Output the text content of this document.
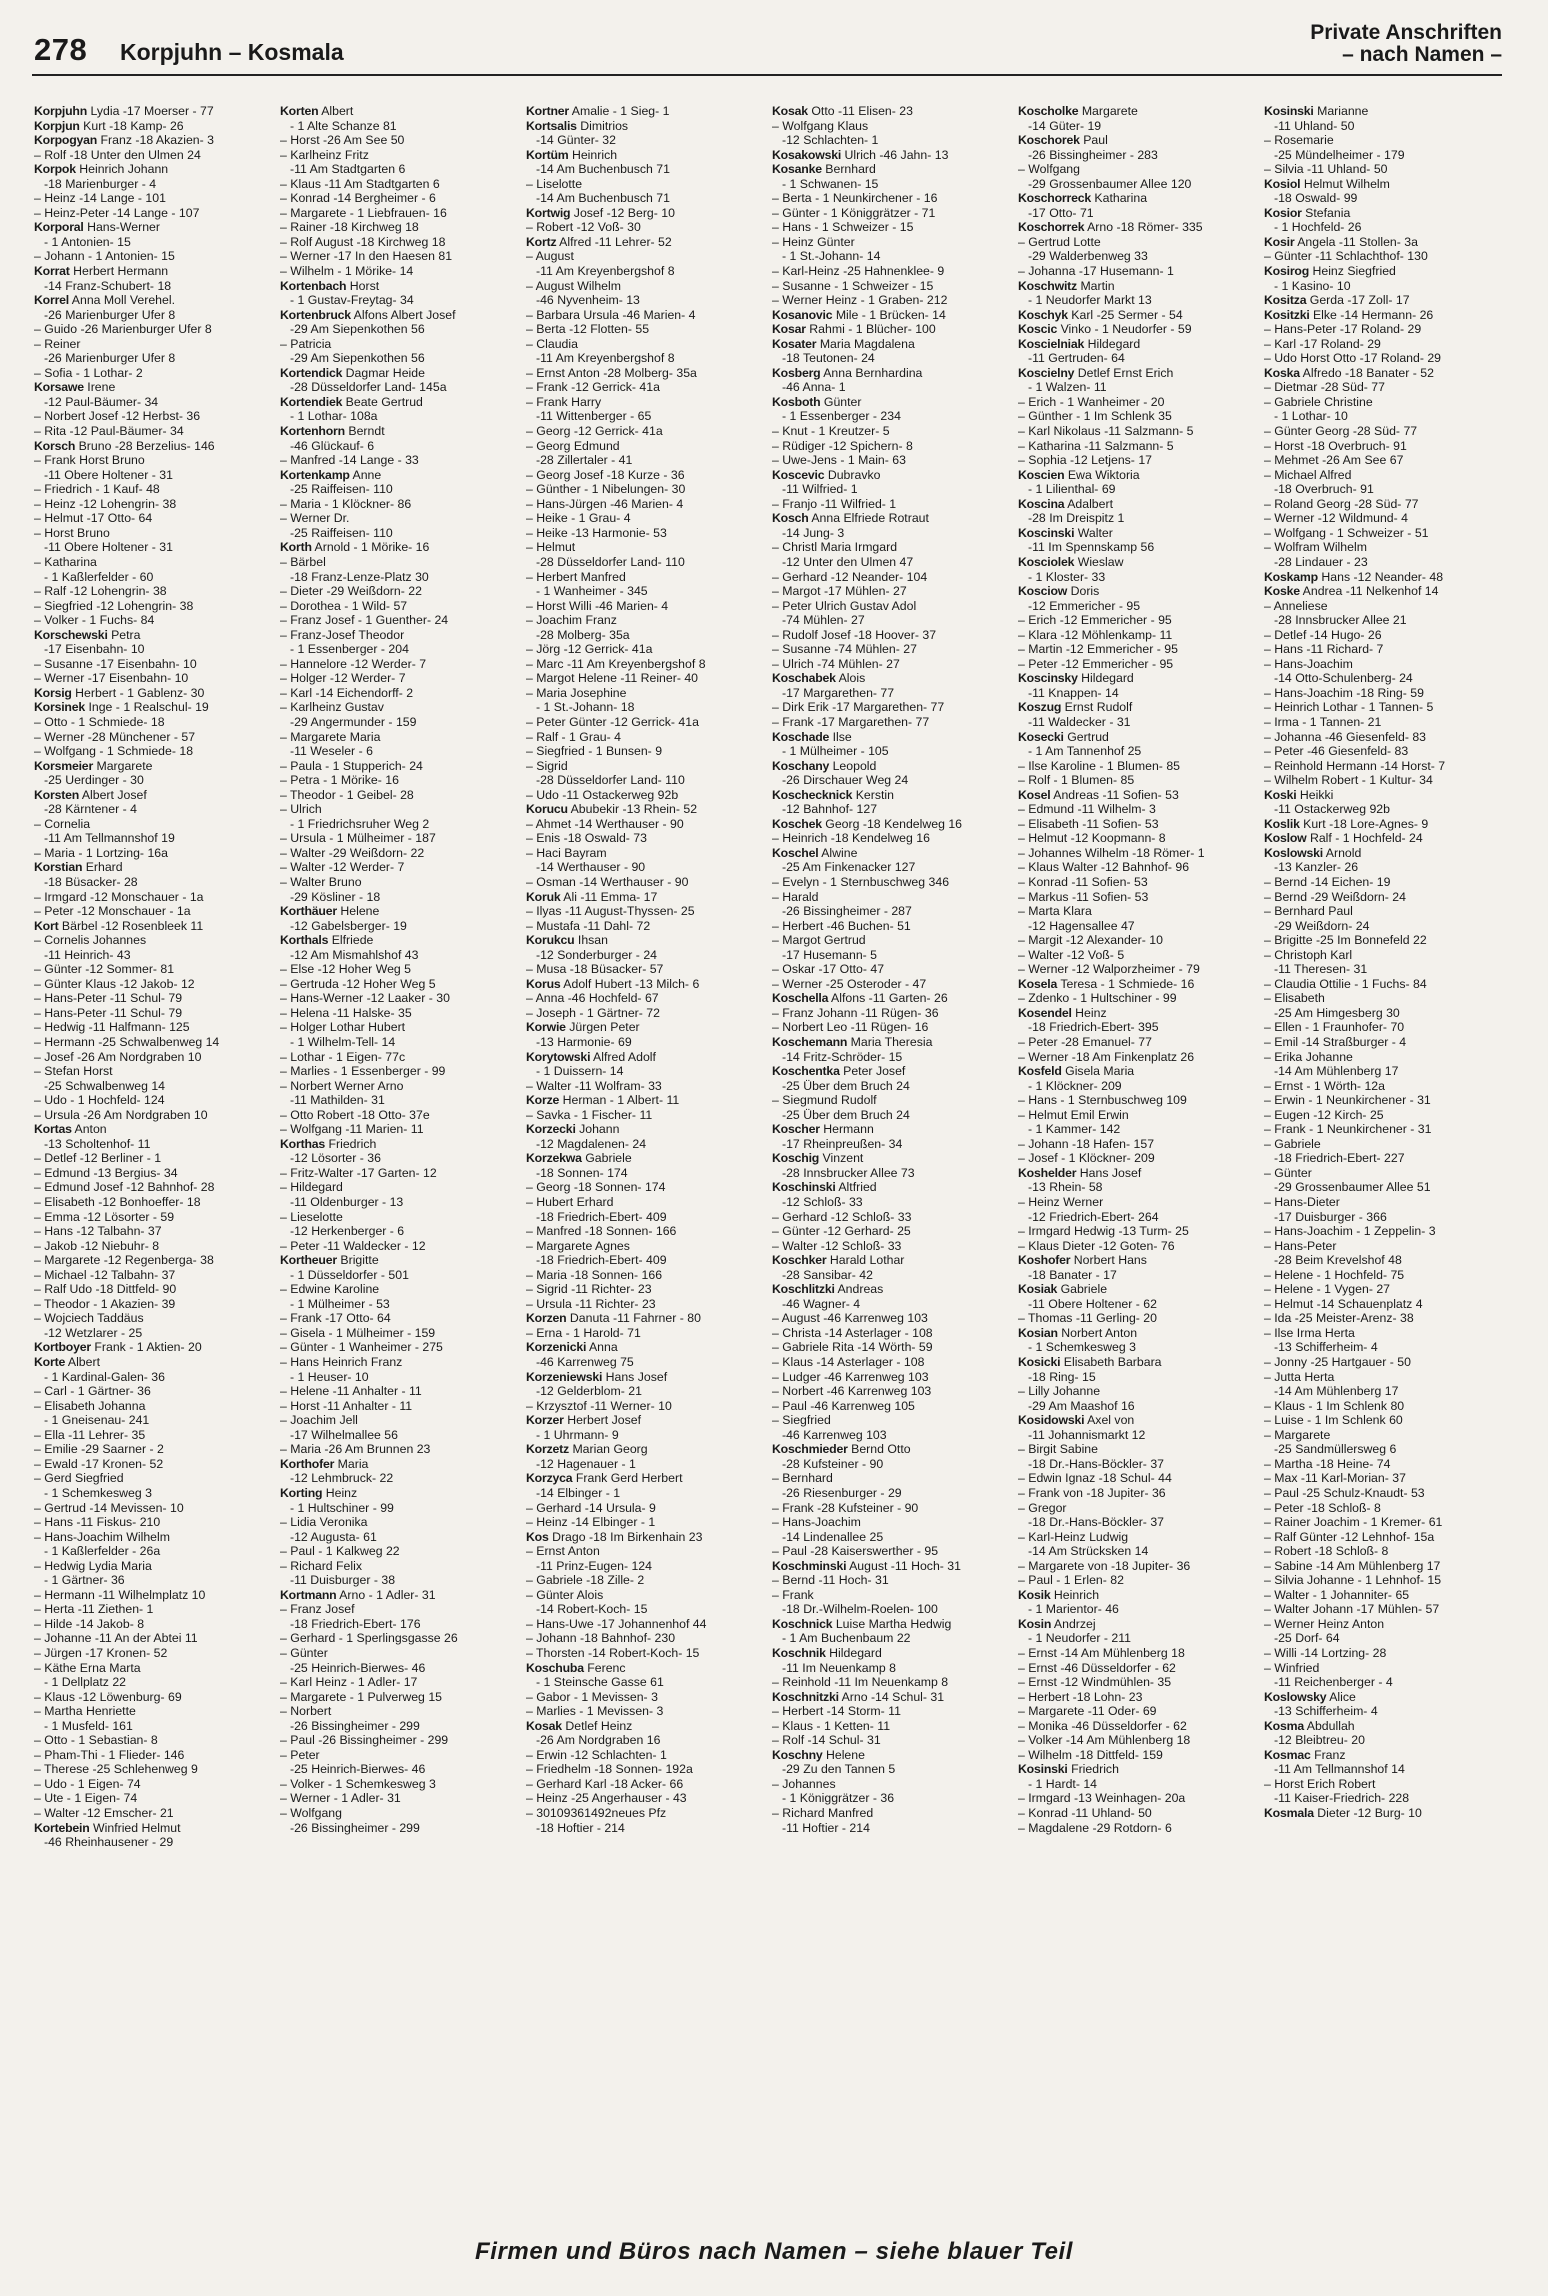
278 Korpjuhn – Kosmala
Private Anschriften
– nach Namen –
Korpjuhn Lydia -17 Moerser - 77
Korpjun Kurt -18 Kamp- 26
Korpogyan Franz -18 Akazien- 3
– Rolf -18 Unter den Ulmen 24
Korpok Heinrich Johann
-18 Marienburger - 4
– Heinz -14 Lange - 101
– Heinz-Peter -14 Lange - 107
Korporal Hans-Werner
- 1 Antonien- 15
– Johann - 1 Antonien- 15
Korrat Herbert Hermann
-14 Franz-Schubert- 18
Korrel Anna Moll Verehel.
-26 Marienburger Ufer 8
– Guido -26 Marienburger Ufer 8
– Reiner
-26 Marienburger Ufer 8
– Sofia - 1 Lothar- 2
Korsawe Irene
-12 Paul-Bäumer- 34
– Norbert Josef -12 Herbst- 36
– Rita -12 Paul-Bäumer- 34
Korsch Bruno -28 Berzelius- 146
– Frank Horst Bruno
-11 Obere Holtener - 31
– Friedrich - 1 Kauf- 48
– Heinz -12 Lohengrin- 38
– Helmut -17 Otto- 64
– Horst Bruno
-11 Obere Holtener - 31
– Katharina
- 1 Kaßlerfelder - 60
– Ralf -12 Lohengrin- 38
– Siegfried -12 Lohengrin- 38
– Volker - 1 Fuchs- 84
Korschewski Petra
-17 Eisenbahn- 10
– Susanne -17 Eisenbahn- 10
– Werner -17 Eisenbahn- 10
Korsig Herbert - 1 Gablenz- 30
Korsinek Inge - 1 Realschul- 19
– Otto - 1 Schmiede- 18
– Werner -28 Münchener - 57
– Wolfgang - 1 Schmiede- 18
Korsmeier Margarete
-25 Uerdinger - 30
Korsten Albert Josef
-28 Kärntener - 4
– Cornelia
-11 Am Tellmannshof 19
– Maria - 1 Lortzing- 16a
Korstian Erhard
-18 Büsacker- 28
– Irmgard -12 Monschauer - 1a
– Peter -12 Monschauer - 1a
Kort Bärbel -12 Rosenbleek 11
– Cornelis Johannes
-11 Heinrich- 43
– Günter -12 Sommer- 81
– Günter Klaus -12 Jakob- 12
– Hans-Peter -11 Schul- 79
– Hans-Peter -11 Schul- 79
– Hedwig -11 Halfmann- 125
– Hermann -25 Schwalbenweg 14
– Josef -26 Am Nordgraben 10
– Stefan Horst
-25 Schwalbenweg 14
– Udo - 1 Hochfeld- 124
– Ursula -26 Am Nordgraben 10
Kortas Anton
-13 Scholtenhof- 11
– Detlef -12 Berliner - 1
– Edmund -13 Bergius- 34
– Edmund Josef -12 Bahnhof- 28
– Elisabeth -12 Bonhoeffer- 18
– Emma -12 Lösorter - 59
– Hans -12 Talbahn- 37
– Jakob -12 Niebuhr- 8
– Margarete -12 Regenberga- 38
– Michael -12 Talbahn- 37
– Ralf Udo -18 Dittfeld- 90
– Theodor - 1 Akazien- 39
– Wojciech Taddäus
-12 Wetzlarer - 25
Kortboyer Frank - 1 Aktien- 20
Korte Albert
- 1 Kardinal-Galen- 36
– Carl - 1 Gärtner- 36
– Elisabeth Johanna
- 1 Gneisenau- 241
– Ella -11 Lehrer- 35
– Emilie -29 Saarner - 2
– Ewald -17 Kronen- 52
– Gerd Siegfried
- 1 Schemkesweg 3
– Gertrud -14 Mevissen- 10
– Hans -11 Fiskus- 210
– Hans-Joachim Wilhelm
- 1 Kaßlerfelder - 26a
– Hedwig Lydia Maria
- 1 Gärtner- 36
– Hermann -11 Wilhelmplatz 10
– Herta -11 Ziethen- 1
– Hilde -14 Jakob- 8
– Johanne -11 An der Abtei 11
– Jürgen -17 Kronen- 52
– Käthe Erna Marta
- 1 Dellplatz 22
– Klaus -12 Löwenburg- 69
– Martha Henriette
- 1 Musfeld- 161
– Otto - 1 Sebastian- 8
– Pham-Thi - 1 Flieder- 146
– Therese -25 Schlehenweg 9
– Udo - 1 Eigen- 74
– Ute - 1 Eigen- 74
– Walter -12 Emscher- 21
Kortebein Winfried Helmut
-46 Rheinhausener - 29
Korten Albert
- 1 Alte Schanze 81
– Horst -26 Am See 50
– Karlheinz Fritz
-11 Am Stadtgarten 6
– Klaus -11 Am Stadtgarten 6
– Konrad -14 Bergheimer - 6
– Margarete - 1 Liebfrauen- 16
– Rainer -18 Kirchweg 18
– Rolf August -18 Kirchweg 18
– Werner -17 In den Haesen 81
– Wilhelm - 1 Mörike- 14
Kortenbach Horst
- 1 Gustav-Freytag- 34
Kortenbruck Alfons Albert Josef
-29 Am Siepenkothen 56
– Patricia
-29 Am Siepenkothen 56
Kortendick Dagmar Heide
-28 Düsseldorfer Land- 145a
Kortendiek Beate Gertrud
- 1 Lothar- 108a
Kortenhorn Berndt
-46 Glückauf- 6
– Manfred -14 Lange - 33
Kortenkamp Anne
-25 Raiffeisen- 110
– Maria - 1 Klöckner- 86
– Werner Dr.
-25 Raiffeisen- 110
Korth Arnold - 1 Mörike- 16
– Bärbel
-18 Franz-Lenze-Platz 30
– Dieter -29 Weißdorn- 22
– Dorothea - 1 Wild- 57
– Franz Josef - 1 Guenther- 24
– Franz-Josef Theodor
- 1 Essenberger - 204
– Hannelore -12 Werder- 7
– Holger -12 Werder- 7
– Karl -14 Eichendorff- 2
– Karlheinz Gustav
-29 Angermunder - 159
– Margarete Maria
-11 Weseler - 6
– Paula - 1 Stupperich- 24
– Petra - 1 Mörike- 16
– Theodor - 1 Geibel- 28
– Ulrich
- 1 Friedrichsruher Weg 2
– Ursula - 1 Mülheimer - 187
– Walter -29 Weißdorn- 22
– Walter -12 Werder- 7
– Walter Bruno
-29 Kösliner - 18
Korthäuer Helene
-12 Gabelsberger- 19
Korthals Elfriede
-12 Am Mismahlshof 43
– Else -12 Hoher Weg 5
– Gertruda -12 Hoher Weg 5
– Hans-Werner -12 Laaker - 30
– Helena -11 Halske- 35
– Holger Lothar Hubert
- 1 Wilhelm-Tell- 14
– Lothar - 1 Eigen- 77c
– Marlies - 1 Essenberger - 99
– Norbert Werner Arno
-11 Mathilden- 31
– Otto Robert -18 Otto- 37e
– Wolfgang -11 Marien- 11
Korthas Friedrich
-12 Lösorter - 36
– Fritz-Walter -17 Garten- 12
– Hildegard
-11 Oldenburger - 13
– Lieselotte
-12 Herkenberger - 6
– Peter -11 Waldecker - 12
Kortheuer Brigitte
- 1 Düsseldorfer - 501
– Edwine Karoline
- 1 Mülheimer - 53
– Frank -17 Otto- 64
– Gisela - 1 Mülheimer - 159
– Günter - 1 Wanheimer - 275
– Hans Heinrich Franz
- 1 Heuser- 10
– Helene -11 Anhalter - 11
– Horst -11 Anhalter - 11
– Joachim Jell
-17 Wilhelmallee 56
– Maria -26 Am Brunnen 23
Korthofer Maria
-12 Lehmbruck- 22
Korting Heinz
- 1 Hultschiner - 99
– Lidia Veronika
-12 Augusta- 61
– Paul - 1 Kalkweg 22
– Richard Felix
-11 Duisburger - 38
Kortmann Arno - 1 Adler- 31
– Franz Josef
-18 Friedrich-Ebert- 176
– Gerhard - 1 Sperlingsgasse 26
– Günter
-25 Heinrich-Bierwes- 46
– Karl Heinz - 1 Adler- 17
– Margarete - 1 Pulverweg 15
– Norbert
-26 Bissingheimer - 299
– Paul -26 Bissingheimer - 299
– Peter
-25 Heinrich-Bierwes- 46
– Volker - 1 Schemkesweg 3
– Werner - 1 Adler- 31
– Wolfgang
-26 Bissingheimer - 299
Kortner Amalie - 1 Sieg- 1
Kortsalis Dimitrios
-14 Günter- 32
Kortüm Heinrich
-14 Am Buchenbusch 71
– Liselotte
-14 Am Buchenbusch 71
Kortwig Josef -12 Berg- 10
– Robert -12 Voß- 30
Kortz Alfred -11 Lehrer- 52
– August
-11 Am Kreyenbergshof 8
– August Wilhelm
-46 Nyvenheim- 13
– Barbara Ursula -46 Marien- 4
– Berta -12 Flotten- 55
– Claudia
-11 Am Kreyenbergshof 8
– Ernst Anton -28 Molberg- 35a
– Frank -12 Gerrick- 41a
– Frank Harry
-11 Wittenberger - 65
– Georg -12 Gerrick- 41a
– Georg Edmund
-28 Zillertaler - 41
– Georg Josef -18 Kurze - 36
– Günther - 1 Nibelungen- 30
– Hans-Jürgen -46 Marien- 4
– Heike - 1 Grau- 4
– Heike -13 Harmonie- 53
– Helmut
-28 Düsseldorfer Land- 110
– Herbert Manfred
- 1 Wanheimer - 345
– Horst Willi -46 Marien- 4
– Joachim Franz
-28 Molberg- 35a
– Jörg -12 Gerrick- 41a
– Marc -11 Am Kreyenbergshof 8
– Margot Helene -11 Reiner- 40
– Maria Josephine
- 1 St.-Johann- 18
– Peter Günter -12 Gerrick- 41a
– Ralf - 1 Grau- 4
– Siegfried - 1 Bunsen- 9
– Sigrid
-28 Düsseldorfer Land- 110
– Udo -11 Ostackerweg 92b
Korucu Abubekir -13 Rhein- 52
– Ahmet -14 Werthauser - 90
– Enis -18 Oswald- 73
– Haci Bayram
-14 Werthauser - 90
– Osman -14 Werthauser - 90
Koruk Ali -11 Emma- 17
– Ilyas -11 August-Thyssen- 25
– Mustafa -11 Dahl- 72
Korukcu Ihsan
-12 Sonderburger - 24
– Musa -18 Büsacker- 57
Korus Adolf Hubert -13 Milch- 6
– Anna -46 Hochfeld- 67
– Joseph - 1 Gärtner- 72
Korwie Jürgen Peter
-13 Harmonie- 69
Korytowski Alfred Adolf
- 1 Duissern- 14
– Walter -11 Wolfram- 33
Korze Herman - 1 Albert- 11
– Savka - 1 Fischer- 11
Korzecki Johann
-12 Magdalenen- 24
Korzekwa Gabriele
-18 Sonnen- 174
– Georg -18 Sonnen- 174
– Hubert Erhard
-18 Friedrich-Ebert- 409
– Manfred -18 Sonnen- 166
– Margarete Agnes
-18 Friedrich-Ebert- 409
– Maria -18 Sonnen- 166
– Sigrid -11 Richter- 23
– Ursula -11 Richter- 23
Korzen Danuta -11 Fahrner - 80
– Erna - 1 Harold- 71
Korzenicki Anna
-46 Karrenweg 75
Korzeniewski Hans Josef
-12 Gelderblom- 21
– Krzysztof -11 Werner- 10
Korzer Herbert Josef
- 1 Uhrmann- 9
Korzetz Marian Georg
-12 Hagenauer - 1
Korzyca Frank Gerd Herbert
-14 Elbinger - 1
– Gerhard -14 Ursula- 9
– Heinz -14 Elbinger - 1
Kos Drago -18 Im Birkenhain 23
– Ernst Anton
-11 Prinz-Eugen- 124
– Gabriele -18 Zille- 2
– Günter Alois
-14 Robert-Koch- 15
– Hans-Uwe -17 Johannenhof 44
– Johann -18 Bahnhof- 230
– Thorsten -14 Robert-Koch- 15
Koschuba Ferenc
- 1 Steinsche Gasse 61
– Gabor - 1 Mevissen- 3
– Marlies - 1 Mevissen- 3
Kosak Detlef Heinz
-26 Am Nordgraben 16
– Erwin -12 Schlachten- 1
– Friedhelm -18 Sonnen- 192a
– Gerhard Karl -18 Acker- 66
– Heinz -25 Angerhauser - 43
– 30109361492neues Pfz
-18 Hoftier - 214
Kosak Otto -11 Elisen- 23
– Wolfgang Klaus
-12 Schlachten- 1
Kosakowski Ulrich -46 Jahn- 13
Kosanke Bernhard
- 1 Schwanen- 15
– Berta - 1 Neunkirchener - 16
– Günter - 1 Königgrätzer - 71
– Hans - 1 Schweizer - 15
– Heinz Günter
- 1 St.-Johann- 14
– Karl-Heinz -25 Hahnenklee- 9
– Susanne - 1 Schweizer - 15
– Werner Heinz - 1 Graben- 212
Kosanovic Mile - 1 Brücken- 14
Kosar Rahmi - 1 Blücher- 100
Kosater Maria Magdalena
-18 Teutonen- 24
Kosberg Anna Bernhardina
-46 Anna- 1
Kosboth Günter
- 1 Essenberger - 234
– Knut - 1 Kreutzer- 5
– Rüdiger -12 Spichern- 8
– Uwe-Jens - 1 Main- 63
Koscevic Dubravko
-11 Wilfried- 1
– Franjo -11 Wilfried- 1
Kosch Anna Elfriede Rotraut
-14 Jung- 3
– Christl Maria Irmgard
-12 Unter den Ulmen 47
– Gerhard -12 Neander- 104
– Margot -17 Mühlen- 27
– Peter Ulrich Gustav Adol
-74 Mühlen- 27
– Rudolf Josef -18 Hoover- 37
– Susanne -74 Mühlen- 27
– Ulrich -74 Mühlen- 27
Koschabek Alois
-17 Margarethen- 77
– Dirk Erik -17 Margarethen- 77
– Frank -17 Margarethen- 77
Koschade Ilse
- 1 Mülheimer - 105
Koschany Leopold
-26 Dirschauer Weg 24
Koschecknick Kerstin
-12 Bahnhof- 127
Koschek Georg -18 Kendelweg 16
– Heinrich -18 Kendelweg 16
Koschel Alwine
-25 Am Finkenacker 127
– Evelyn - 1 Sternbuschweg 346
– Harald
-26 Bissingheimer - 287
– Herbert -46 Buchen- 51
– Margot Gertrud
-17 Husemann- 5
– Oskar -17 Otto- 47
– Werner -25 Osteroder - 47
Koschella Alfons -11 Garten- 26
– Franz Johann -11 Rügen- 36
– Norbert Leo -11 Rügen- 16
Koschemann Maria Theresia
-14 Fritz-Schröder- 15
Koschentka Peter Josef
-25 Über dem Bruch 24
– Siegmund Rudolf
-25 Über dem Bruch 24
Koscher Hermann
-17 Rheinpreußen- 34
Koschig Vinzent
-28 Innsbrucker Allee 73
Koschinski Altfried
-12 Schloß- 33
– Gerhard -12 Schloß- 33
– Günter -12 Gerhard- 25
– Walter -12 Schloß- 33
Koschker Harald Lothar
-28 Sansibar- 42
Koschlitzki Andreas
-46 Wagner- 4
– August -46 Karrenweg 103
– Christa -14 Asterlager - 108
– Gabriele Rita -14 Wörth- 59
– Klaus -14 Asterlager - 108
– Ludger -46 Karrenweg 103
– Norbert -46 Karrenweg 103
– Paul -46 Karrenweg 105
– Siegfried
-46 Karrenweg 103
Koschmieder Bernd Otto
-28 Kufsteiner - 90
– Bernhard
-26 Riesenburger - 29
– Frank -28 Kufsteiner - 90
– Hans-Joachim
-14 Lindenallee 25
– Paul -28 Kaiserswerther - 95
Koschminski August -11 Hoch- 31
– Bernd -11 Hoch- 31
– Frank
-18 Dr.-Wilhelm-Roelen- 100
Koschnick Luise Martha Hedwig
- 1 Am Buchenbaum 22
Koschnik Hildegard
-11 Im Neuenkamp 8
– Reinhold -11 Im Neuenkamp 8
Koschnitzki Arno -14 Schul- 31
– Herbert -14 Storm- 11
– Klaus - 1 Ketten- 11
– Rolf -14 Schul- 31
Koschny Helene
-29 Zu den Tannen 5
– Johannes
- 1 Königgrätzer - 36
– Richard Manfred
-11 Hoftier - 214
Koscholke Margarete
-14 Güter- 19
Koschorek Paul
-26 Bissingheimer - 283
– Wolfgang
-29 Grossenbaumer Allee 120
Koschorreck Katharina
-17 Otto- 71
Koschorrek Arno -18 Römer- 335
– Gertrud Lotte
-29 Walderbenweg 33
– Johanna -17 Husemann- 1
Koschwitz Martin
- 1 Neudorfer Markt 13
Koschyk Karl -25 Sermer - 54
Koscic Vinko - 1 Neudorfer - 59
Koscielniak Hildegard
-11 Gertruden- 64
Koscielny Detlef Ernst Erich
- 1 Walzen- 11
– Erich - 1 Wanheimer - 20
– Günther - 1 Im Schlenk 35
– Karl Nikolaus -11 Salzmann- 5
– Katharina -11 Salzmann- 5
– Sophia -12 Letjens- 17
Koscien Ewa Wiktoria
- 1 Lilienthal- 69
Koscina Adalbert
-28 Im Dreispitz 1
Koscinski Walter
-11 Im Spennskamp 56
Kosciolek Wieslaw
- 1 Kloster- 33
Kosciow Doris
-12 Emmericher - 95
– Erich -12 Emmericher - 95
– Klara -12 Möhlenkamp- 11
– Martin -12 Emmericher - 95
– Peter -12 Emmericher - 95
Koscinsky Hildegard
-11 Knappen- 14
Koszug Ernst Rudolf
-11 Waldecker - 31
Kosecki Gertrud
- 1 Am Tannenhof 25
– Ilse Karoline - 1 Blumen- 85
– Rolf - 1 Blumen- 85
Kosel Andreas -11 Sofien- 53
– Edmund -11 Wilhelm- 3
– Elisabeth -11 Sofien- 53
– Helmut -12 Koopmann- 8
– Johannes Wilhelm -18 Römer- 1
– Klaus Walter -12 Bahnhof- 96
– Konrad -11 Sofien- 53
– Markus -11 Sofien- 53
– Marta Klara
-12 Hagensallee 47
– Margit -12 Alexander- 10
– Walter -12 Voß- 5
– Werner -12 Walporzheimer - 79
Kosela Teresa - 1 Schmiede- 16
– Zdenko - 1 Hultschiner - 99
Kosendel Heinz
-18 Friedrich-Ebert- 395
– Peter -28 Emanuel- 77
– Werner -18 Am Finkenplatz 26
Kosfeld Gisela Maria
- 1 Klöckner- 209
– Hans - 1 Sternbuschweg 109
– Helmut Emil Erwin
- 1 Kammer- 142
– Johann -18 Hafen- 157
– Josef - 1 Klöckner- 209
Koshelder Hans Josef
-13 Rhein- 58
– Heinz Werner
-12 Friedrich-Ebert- 264
– Irmgard Hedwig -13 Turm- 25
– Klaus Dieter -12 Goten- 76
Koshofer Norbert Hans
-18 Banater - 17
Kosiak Gabriele
-11 Obere Holtener - 62
– Thomas -11 Gerling- 20
Kosian Norbert Anton
- 1 Schemkesweg 3
Kosicki Elisabeth Barbara
-18 Ring- 15
– Lilly Johanne
-29 Am Maashof 16
Kosidowski Axel von
-11 Johannismarkt 12
– Birgit Sabine
-18 Dr.-Hans-Böckler- 37
– Edwin Ignaz -18 Schul- 44
– Frank von -18 Jupiter- 36
– Gregor
-18 Dr.-Hans-Böckler- 37
– Karl-Heinz Ludwig
-14 Am Strücksken 14
– Margarete von -18 Jupiter- 36
– Paul - 1 Erlen- 82
Kosik Heinrich
- 1 Marientor- 46
Kosin Andrzej
- 1 Neudorfer - 211
– Ernst -14 Am Mühlenberg 18
– Ernst -46 Düsseldorfer - 62
– Ernst -12 Windmühlen- 35
– Herbert -18 Lohn- 23
– Margarete -11 Oder- 69
– Monika -46 Düsseldorfer - 62
– Volker -14 Am Mühlenberg 18
– Wilhelm -18 Dittfeld- 159
Kosinski Friedrich
- 1 Hardt- 14
– Irmgard -13 Weinhagen- 20a
– Konrad -11 Uhland- 50
– Magdalene -29 Rotdorn- 6
Kosinski Marianne
-11 Uhland- 50
– Rosemarie
-25 Mündelheimer - 179
– Silvia -11 Uhland- 50
Kosiol Helmut Wilhelm
-18 Oswald- 99
Kosior Stefania
- 1 Hochfeld- 26
Kosir Angela -11 Stollen- 3a
– Günter -11 Schlachthof- 130
Kosirog Heinz Siegfried
- 1 Kasino- 10
Kositza Gerda -17 Zoll- 17
Kositzki Elke -14 Hermann- 26
– Hans-Peter -17 Roland- 29
– Karl -17 Roland- 29
– Udo Horst Otto -17 Roland- 29
Koska Alfredo -18 Banater - 52
– Dietmar -28 Süd- 77
– Gabriele Christine
- 1 Lothar- 10
– Günter Georg -28 Süd- 77
– Horst -18 Overbruch- 91
– Mehmet -26 Am See 67
– Michael Alfred
-18 Overbruch- 91
– Roland Georg -28 Süd- 77
– Werner -12 Wildmund- 4
– Wolfgang - 1 Schweizer - 51
– Wolfram Wilhelm
-28 Lindauer - 23
Koskamp Hans -12 Neander- 48
Koske Andrea -11 Nelkenhof 14
– Anneliese
-28 Innsbrucker Allee 21
– Detlef -14 Hugo- 26
– Hans -11 Richard- 7
– Hans-Joachim
-14 Otto-Schulenberg- 24
– Hans-Joachim -18 Ring- 59
– Heinrich Lothar - 1 Tannen- 5
– Irma - 1 Tannen- 21
– Johanna -46 Giesenfeld- 83
– Peter -46 Giesenfeld- 83
– Reinhold Hermann -14 Horst- 7
– Wilhelm Robert - 1 Kultur- 34
Koski Heikki
-11 Ostackerweg 92b
Koslik Kurt -18 Lore-Agnes- 9
Koslow Ralf - 1 Hochfeld- 24
Koslowski Arnold
-13 Kanzler- 26
– Bernd -14 Eichen- 19
– Bernd -29 Weißdorn- 24
– Bernhard Paul
-29 Weißdorn- 24
– Brigitte -25 Im Bonnefeld 22
– Christoph Karl
-11 Theresen- 31
– Claudia Ottilie - 1 Fuchs- 84
– Elisabeth
-25 Am Himgesberg 30
– Ellen - 1 Fraunhofer- 70
– Emil -14 Straßburger - 4
– Erika Johanne
-14 Am Mühlenberg 17
– Ernst - 1 Wörth- 12a
– Erwin - 1 Neunkirchener - 31
– Eugen -12 Kirch- 25
– Frank - 1 Neunkirchener - 31
– Gabriele
-18 Friedrich-Ebert- 227
– Günter
-29 Grossenbaumer Allee 51
– Hans-Dieter
-17 Duisburger - 366
– Hans-Joachim - 1 Zeppelin- 3
– Hans-Peter
-28 Beim Krevelshof 48
– Helene - 1 Hochfeld- 75
– Helene - 1 Vygen- 27
– Helmut -14 Schauenplatz 4
– Ida -25 Meister-Arenz- 38
– Ilse Irma Herta
-13 Schifferheim- 4
– Jonny -25 Hartgauer - 50
– Jutta Herta
-14 Am Mühlenberg 17
– Klaus - 1 Im Schlenk 80
– Luise - 1 Im Schlenk 60
– Margarete
-25 Sandmüllersweg 6
– Martha -18 Heine- 74
– Max -11 Karl-Morian- 37
– Paul -25 Schulz-Knaudt- 53
– Peter -18 Schloß- 8
– Rainer Joachim - 1 Kremer- 61
– Ralf Günter -12 Lehnhof- 15a
– Robert -18 Schloß- 8
– Sabine -14 Am Mühlenberg 17
– Silvia Johanne - 1 Lehnhof- 15
– Walter - 1 Johanniter- 65
– Walter Johann -17 Mühlen- 57
– Werner Heinz Anton
-25 Dorf- 64
– Willi -14 Lortzing- 28
– Winfried
-11 Reichenberger - 4
Koslowsky Alice
-13 Schifferheim- 4
Kosma Abdullah
-12 Bleibtreu- 20
Kosmac Franz
-11 Am Tellmannshof 14
– Horst Erich Robert
-11 Kaiser-Friedrich- 228
Kosmala Dieter -12 Burg- 10
Firmen und Büros nach Namen – siehe blauer Teil
